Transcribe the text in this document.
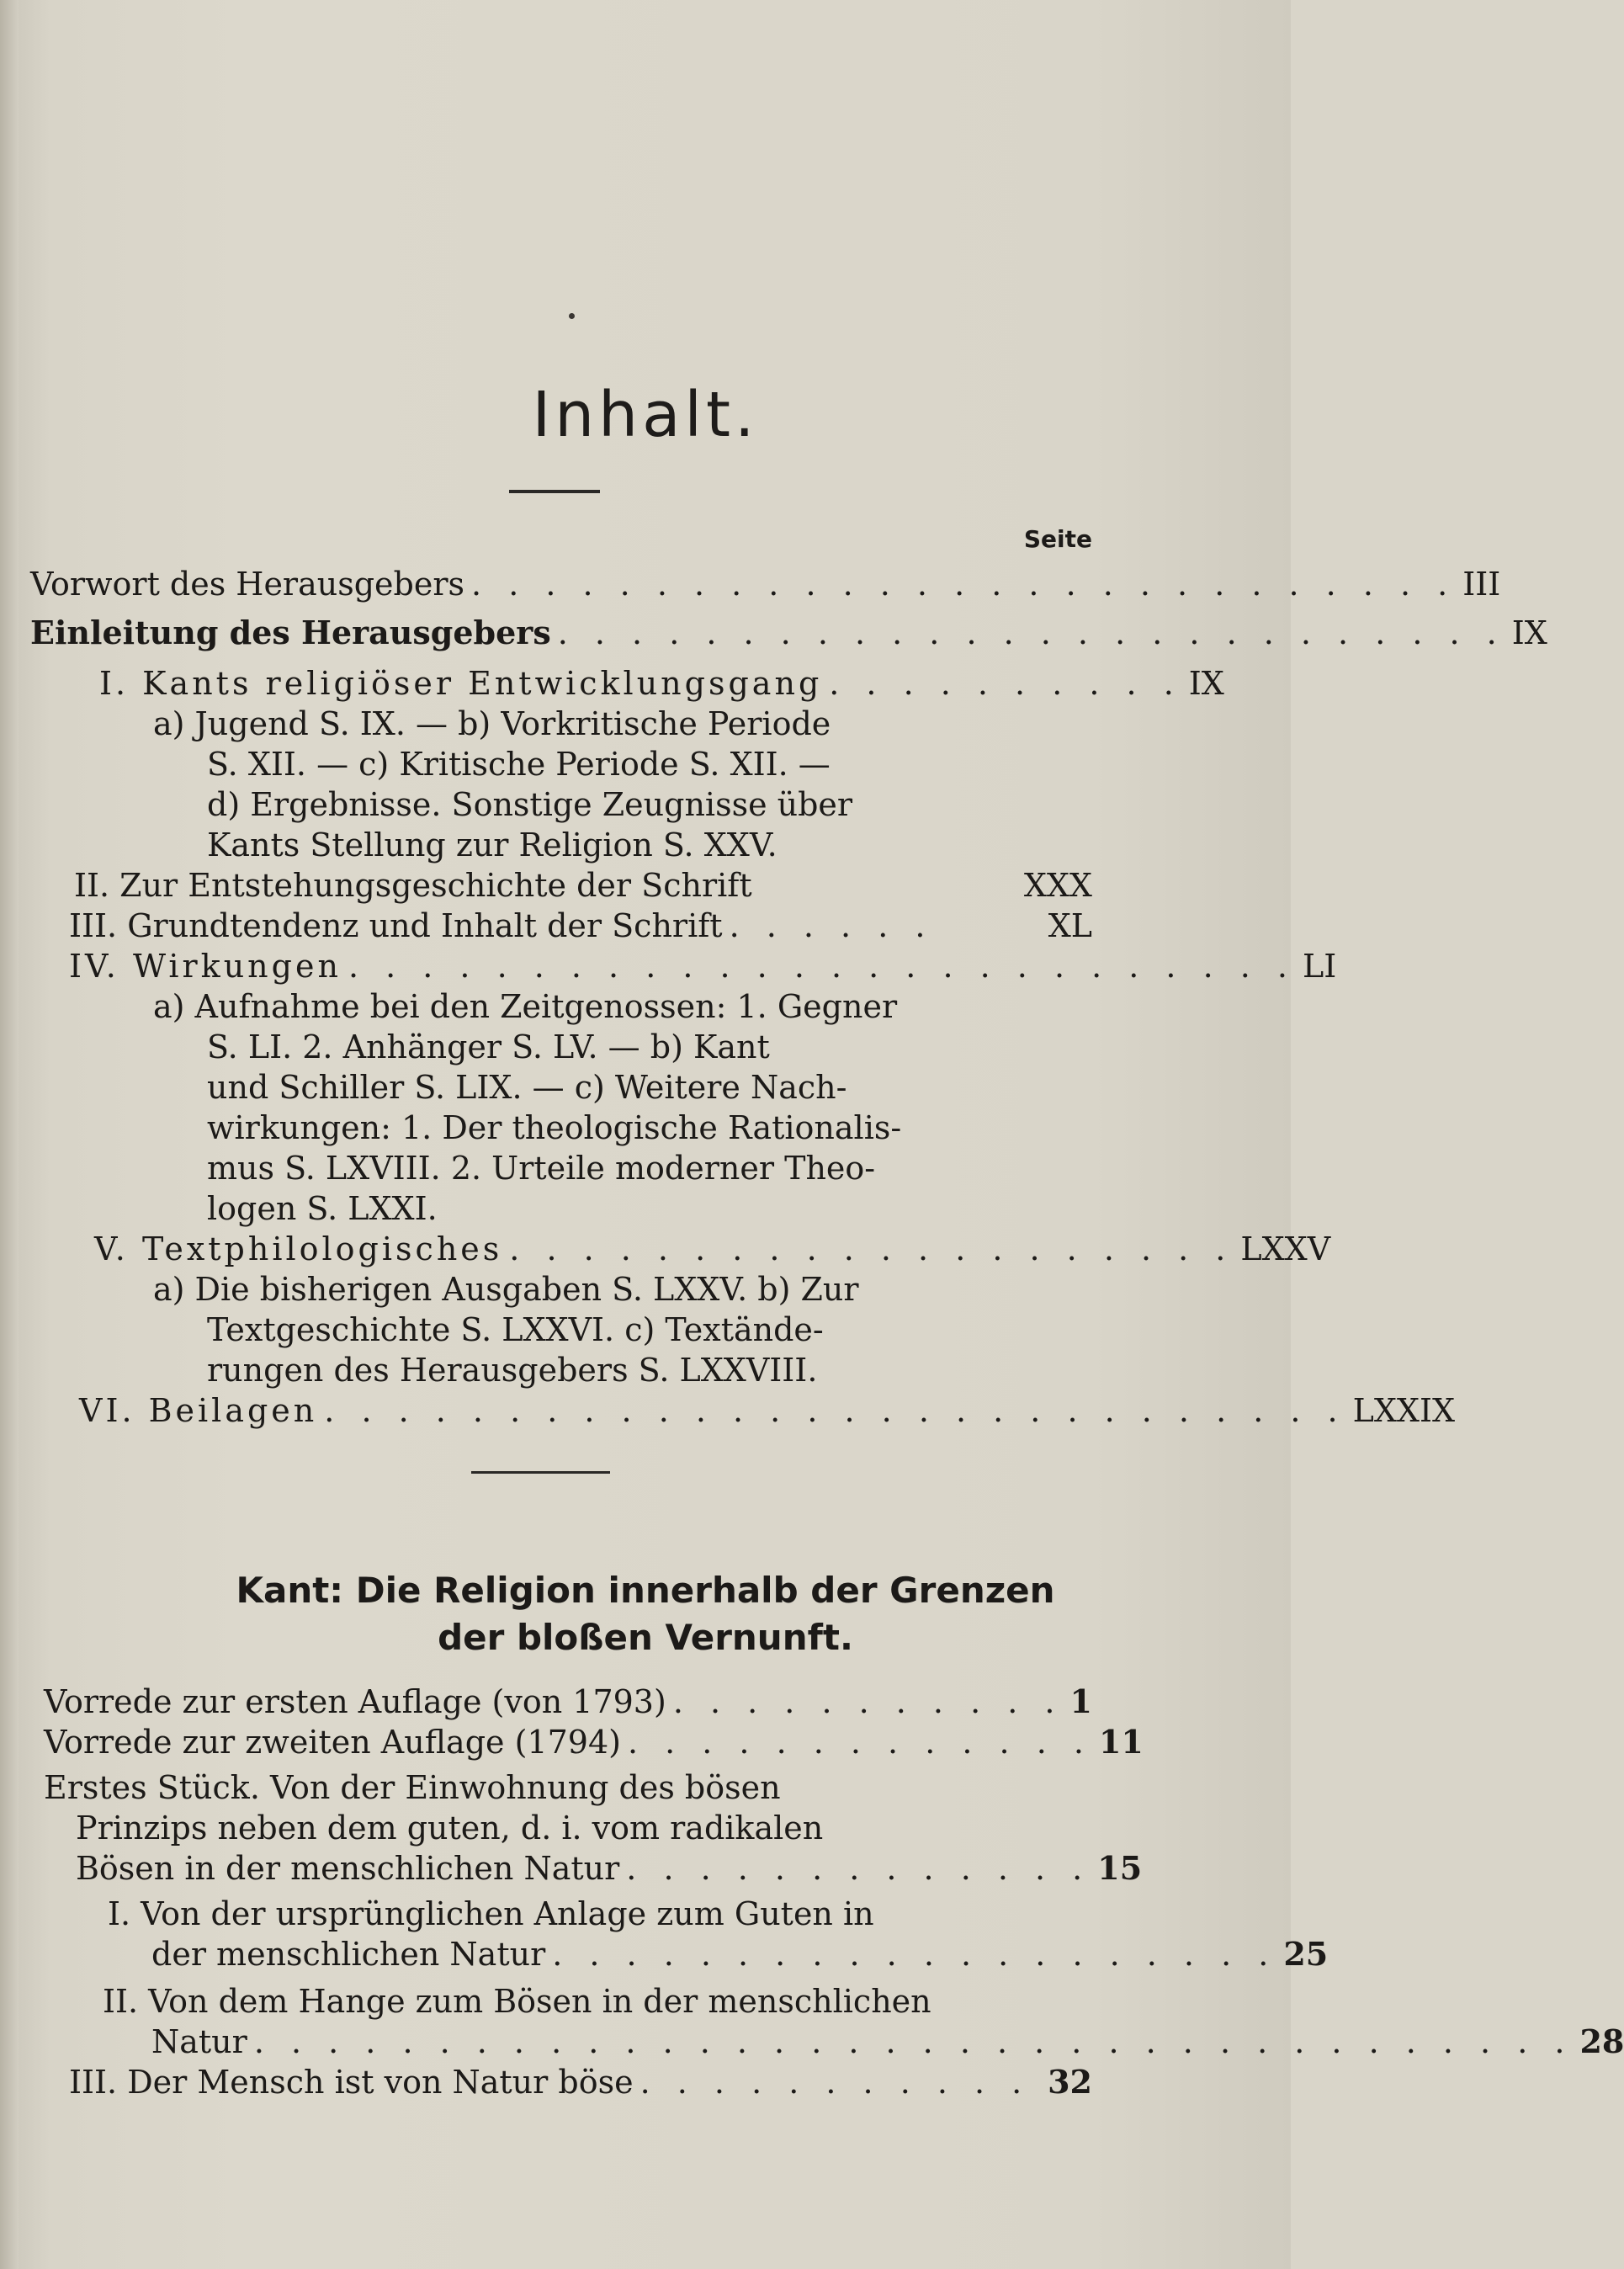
Inhalt.
Seite
Vorwort des Herausgebers . . . . . . . . . . . . . . . . . . . . . . . . . . . III
Einleitung des Herausgebers . . . . . . . . . . . . . . . . . . . . . . . . . . IX
I. Kants religiöser Entwicklungsgang . . . . . . . . . . IX
a) Jugend S. IX. — b) Vorkritische Periode
S. XII. — c) Kritische Periode S. XII. —
d) Ergebnisse. Sonstige Zeugnisse über
Kants Stellung zur Religion S. XXV.
II. Zur Entstehungsgeschichte der Schrift	XXX
III. Grundtendenz und Inhalt der Schrift . . . . . .	XL
IV. Wirkungen . . . . . . . . . . . . . . . . . . . . . . . . . . LI
a) Aufnahme bei den Zeitgenossen: 1. Gegner
S. LI. 2. Anhänger S. LV. — b) Kant
und Schiller S. LIX. — c) Weitere Nach-
wirkungen: 1. Der theologische Rationalis-
mus S. LXVIII. 2. Urteile moderner Theo-
logen S. LXXI.
V. Textphilologisches . . . . . . . . . . . . . . . . . . . . LXXV
a) Die bisherigen Ausgaben S. LXXV. b) Zur
Textgeschichte S. LXXVI. c) Textände-
rungen des Herausgebers S. LXXVIII.
VI. Beilagen . . . . . . . . . . . . . . . . . . . . . . . . . . . . LXXIX
Kant: Die Religion innerhalb der Grenzen
der bloßen Vernunft.
Vorrede zur ersten Auflage (von 1793) . . . . . . . . . . . 1
Vorrede zur zweiten Auflage (1794) . . . . . . . . . . . . . 11
Erstes Stück. Von der Einwohnung des bösen
Prinzips neben dem guten, d. i. vom radikalen
Bösen in der menschlichen Natur . . . . . . . . . . . . . 15
I. Von der ursprünglichen Anlage zum Guten in
der menschlichen Natur . . . . . . . . . . . . . . . . . . . . 25
II. Von dem Hange zum Bösen in der menschlichen
Natur . . . . . . . . . . . . . . . . . . . . . . . . . . . . . . . . . . . . 28
III. Der Mensch ist von Natur böse . . . . . . . . . . . 32
